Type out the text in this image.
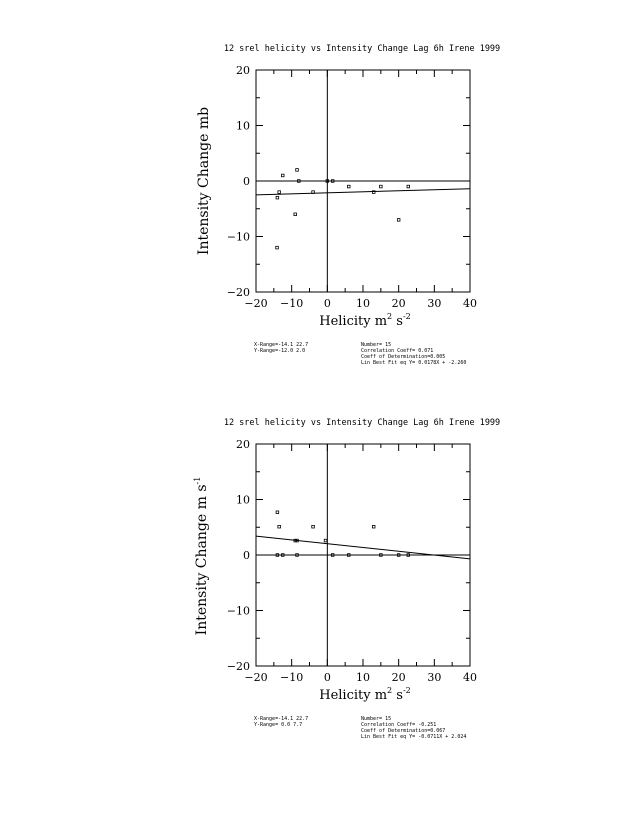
12 srel helicity vs Intensity Change Lag 6h Irene 1999
−20 −10 0 10 20 30 40
−20
−10
0
10
20
Helicity $m^2$ $s^{-2}$
Intensity Change mb
X-Range=-14.1 22.7
Y-Range=-12.0 2.0
Number= 15
Correlation Coeff= 0.071
Coeff of Determination=0.005
Lin Best Fit eq Y= 0.0178X + -2.260
12 srel helicity vs Intensity Change Lag 6h Irene 1999
−20 −10 0 10 20 30 40
−20
−10
0
10
20
Helicity $m^2$ $s^{-2}$
Intensity Change m $s^{-1}$
X-Range=-14.1 22.7
Y-Range= 0.0 7.7
Number= 15
Correlation Coeff= -0.251
Coeff of Determination=0.067
Lin Best Fit eq Y= -0.0711X + 2.024
